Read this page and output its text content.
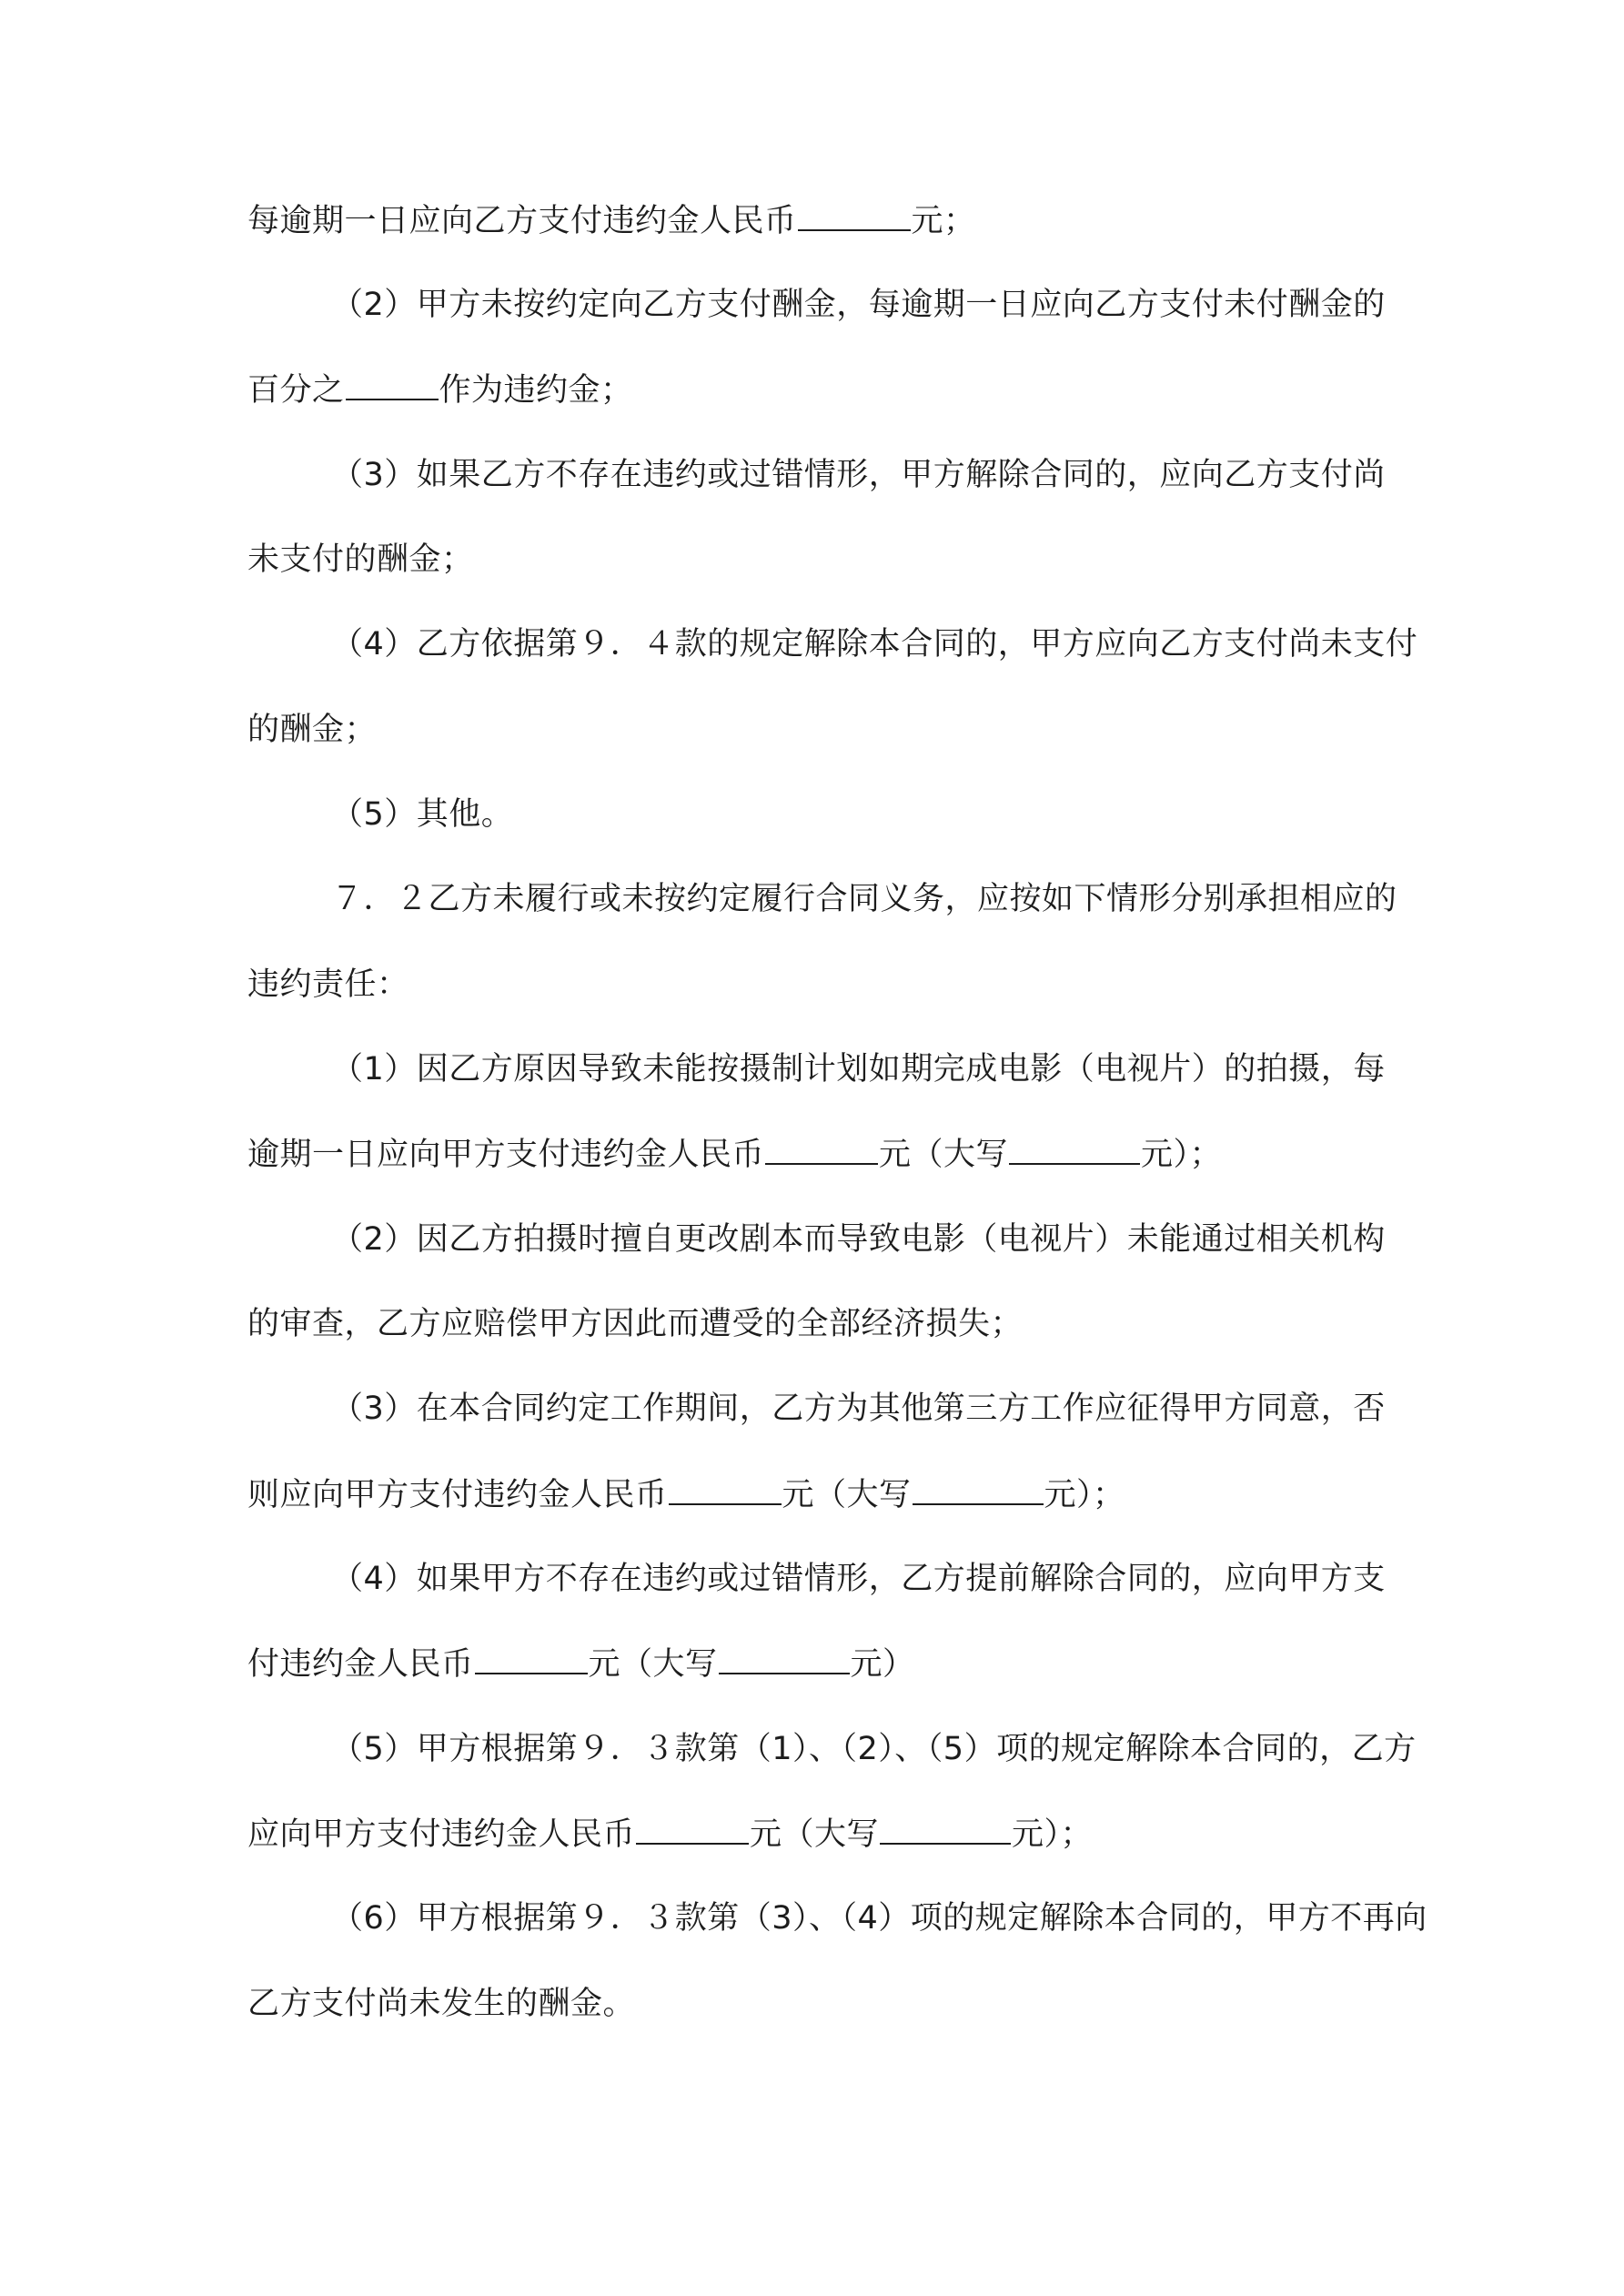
每逾期一日应向乙方支付违约金人民币	元；
（2）甲方未按约定向乙方支付酬金，每逾期一日应向乙方支付未付酬金的
百分之	作为违约金；
（3）如果乙方不存在违约或过错情形，甲方解除合同的，应向乙方支付尚
未支付的酬金；
（4）乙方依据第９．４款的规定解除本合同的，甲方应向乙方支付尚未支付
的酬金；
（5）其他。
７．２乙方未履行或未按约定履行合同义务，应按如下情形分别承担相应的
违约责任：
（1）因乙方原因导致未能按摄制计划如期完成电影（电视片）的拍摄，每
逾期一日应向甲方支付违约金人民币	元（大写	元）；
（2）因乙方拍摄时擅自更改剧本而导致电影（电视片）未能通过相关机构
的审查，乙方应赔偿甲方因此而遭受的全部经济损失；
（3）在本合同约定工作期间，乙方为其他第三方工作应征得甲方同意，否
则应向甲方支付违约金人民币	元（大写	元）；
（4）如果甲方不存在违约或过错情形，乙方提前解除合同的，应向甲方支
付违约金人民币	元（大写	元）
（5）甲方根据第９．３款第（1）、（2）、（5）项的规定解除本合同的，乙方
应向甲方支付违约金人民币	元（大写	元）；
（6）甲方根据第９．３款第（3）、（4）项的规定解除本合同的，甲方不再向
乙方支付尚未发生的酬金。
